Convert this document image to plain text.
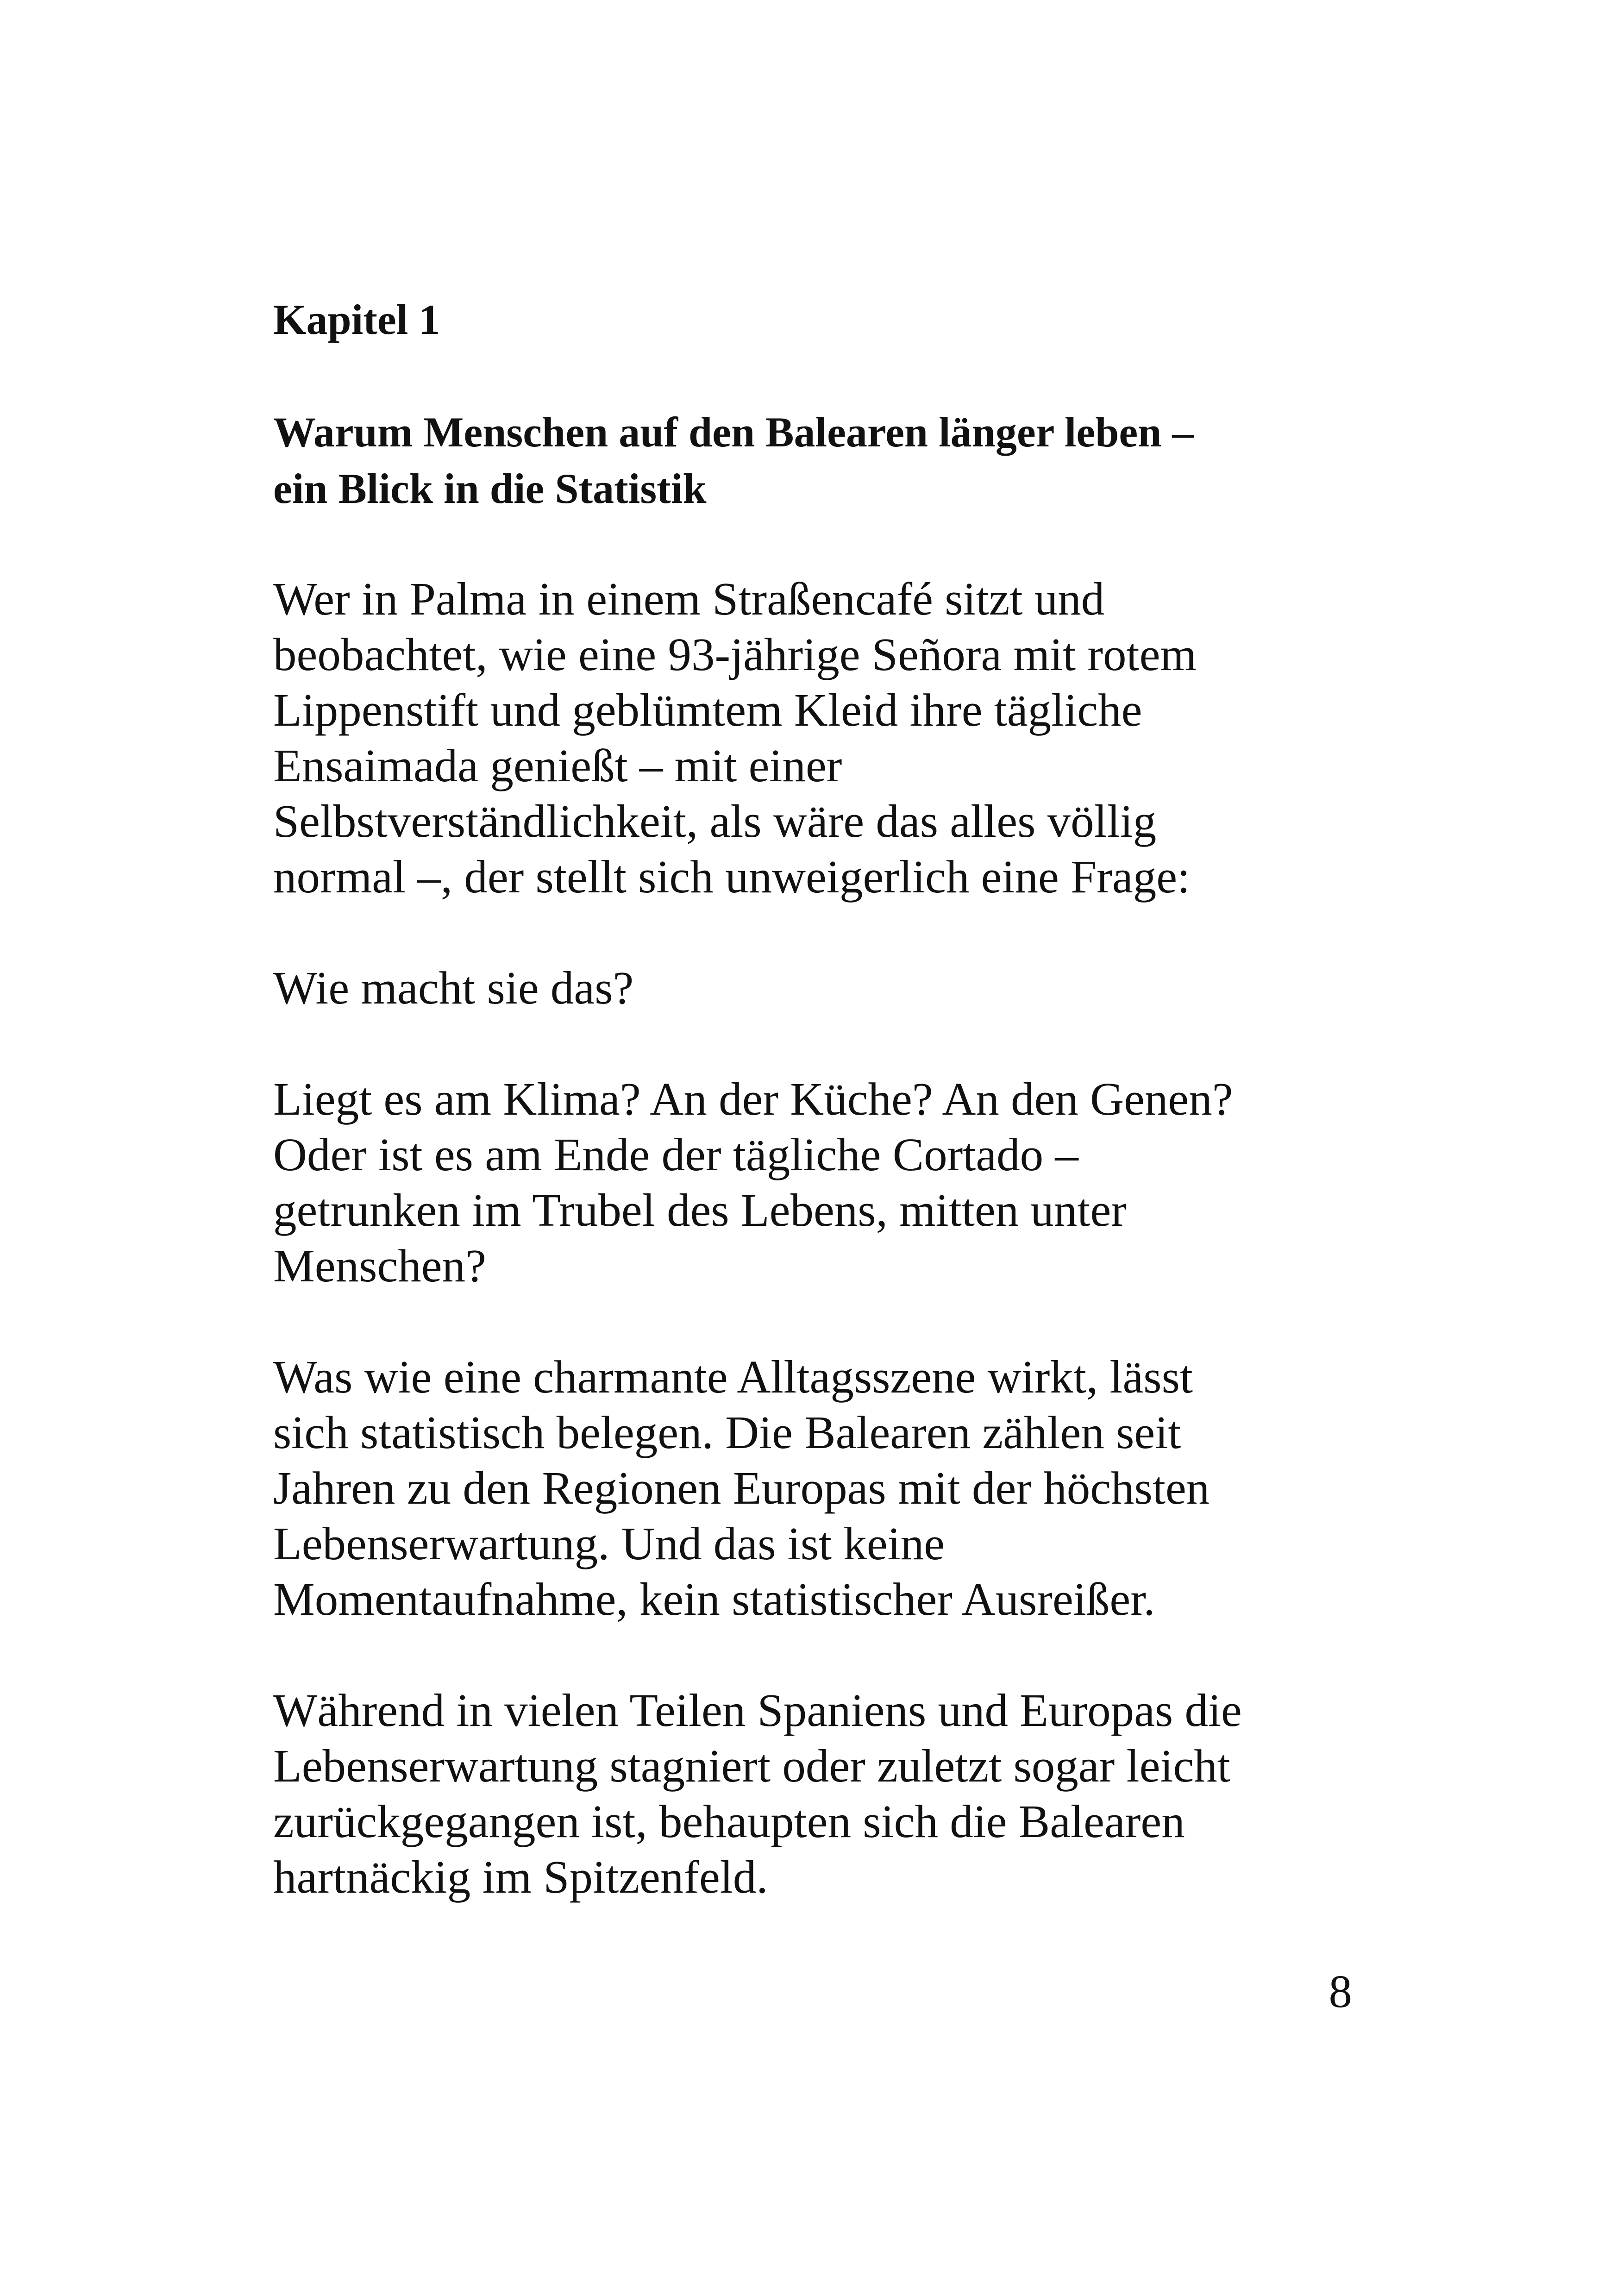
Kapitel 1
Warum Menschen auf den Balearen länger leben –
ein Blick in die Statistik

Wer in Palma in einem Straßencafé sitzt und
beobachtet, wie eine 93-jährige Señora mit rotem
Lippenstift und geblümtem Kleid ihre tägliche
Ensaimada genießt – mit einer
Selbstverständlichkeit, als wäre das alles völlig
normal –, der stellt sich unweigerlich eine Frage:

Wie macht sie das?

Liegt es am Klima? An der Küche? An den Genen?
Oder ist es am Ende der tägliche Cortado –
getrunken im Trubel des Lebens, mitten unter
Menschen?

Was wie eine charmante Alltagsszene wirkt, lässt
sich statistisch belegen. Die Balearen zählen seit
Jahren zu den Regionen Europas mit der höchsten
Lebenserwartung. Und das ist keine
Momentaufnahme, kein statistischer Ausreißer.

Während in vielen Teilen Spaniens und Europas die
Lebenserwartung stagniert oder zuletzt sogar leicht
zurückgegangen ist, behaupten sich die Balearen
hartnäckig im Spitzenfeld.

8
